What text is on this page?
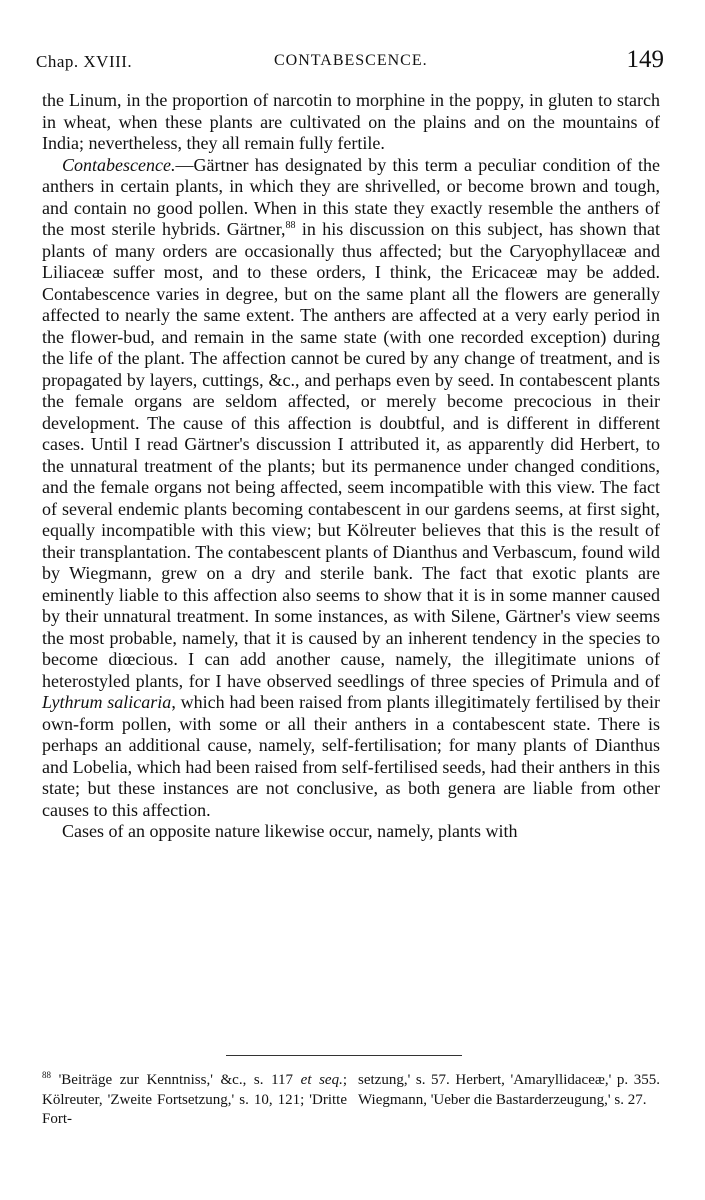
Chap. XVIII.	CONTABESCENCE.	149

the Linum, in the proportion of narcotin to morphine in the poppy, in gluten to starch in wheat, when these plants are cultivated on the plains and on the mountains of India; nevertheless, they all remain fully fertile.

Contabescence.—Gärtner has designated by this term a peculiar condition of the anthers in certain plants, in which they are shrivelled, or become brown and tough, and contain no good pollen. When in this state they exactly resemble the anthers of the most sterile hybrids. Gärtner,$^{88}$ in his discussion on this subject, has shown that plants of many orders are occasionally thus affected; but the Caryophyllaceæ and Liliaceæ suffer most, and to these orders, I think, the Ericaceæ may be added. Contabescence varies in degree, but on the same plant all the flowers are generally affected to nearly the same extent. The anthers are affected at a very early period in the flower-bud, and remain in the same state (with one recorded exception) during the life of the plant. The affection cannot be cured by any change of treatment, and is propagated by layers, cuttings, &c., and perhaps even by seed. In contabescent plants the female organs are seldom affected, or merely become precocious in their development. The cause of this affection is doubtful, and is different in different cases. Until I read Gärtner's discussion I attributed it, as apparently did Herbert, to the unnatural treatment of the plants; but its permanence under changed conditions, and the female organs not being affected, seem incompatible with this view. The fact of several endemic plants becoming contabescent in our gardens seems, at first sight, equally incompatible with this view; but Kölreuter believes that this is the result of their transplantation. The contabescent plants of Dianthus and Verbascum, found wild by Wiegmann, grew on a dry and sterile bank. The fact that exotic plants are eminently liable to this affection also seems to show that it is in some manner caused by their unnatural treatment. In some instances, as with Silene, Gärtner's view seems the most probable, namely, that it is caused by an inherent tendency in the species to become diœcious. I can add another cause, namely, the illegitimate unions of heterostyled plants, for I have observed seedlings of three species of Primula and of Lythrum salicaria, which had been raised from plants illegitimately fertilised by their own-form pollen, with some or all their anthers in a contabescent state. There is perhaps an additional cause, namely, self-fertilisation; for many plants of Dianthus and Lobelia, which had been raised from self-fertilised seeds, had their anthers in this state; but these instances are not conclusive, as both genera are liable from other causes to this affection.

Cases of an opposite nature likewise occur, namely, plants with

$^{88}$ 'Beiträge zur Kenntniss,' &c., s. 117 et seq.; Kölreuter, 'Zweite Fortsetzung,' s. 10, 121; 'Dritte Fort-
setzung,' s. 57. Herbert, 'Amaryllidaceæ,' p. 355. Wiegmann, 'Ueber die Bastarderzeugung,' s. 27.
